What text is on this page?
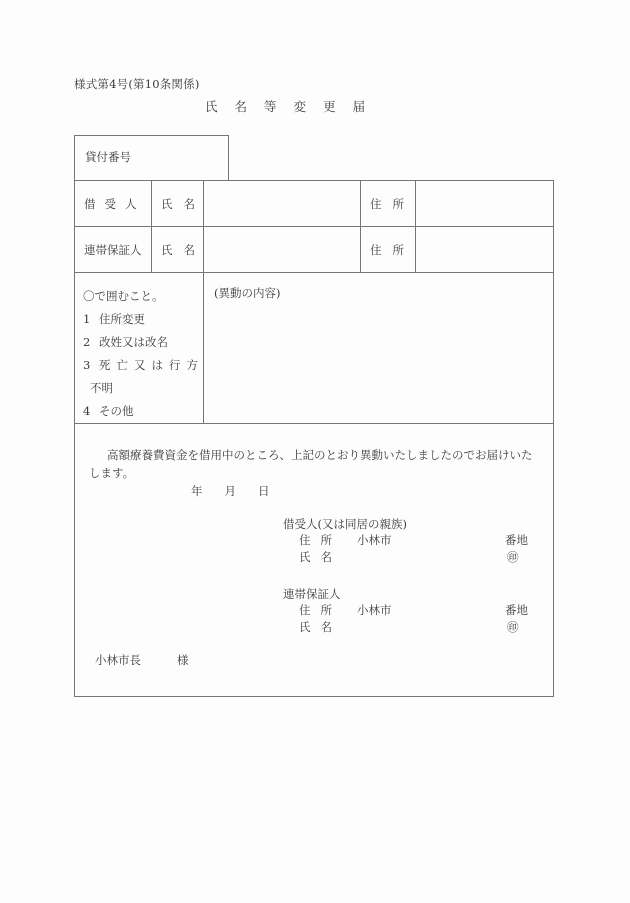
様式第4号(第10条関係)
氏 名 等 変 更 届
貸付番号
借 受 人	氏 名		住 所	

連帯保証人	氏 名		住 所	

〇で囲むこと。
1 住所変更
2 改姓又は改名
3 死 亡 又 は 行 方
不明
4 その他

(異動の内容)

高額療養費資金を借用中のところ、上記のとおり異動いたしましたのでお届けいたします。
年 月 日
借受人(又は同居の親族)
住 所 小林市	番地
氏 名	㊞
連帯保証人
住 所 小林市	番地
氏 名	㊞
小林市長	様
